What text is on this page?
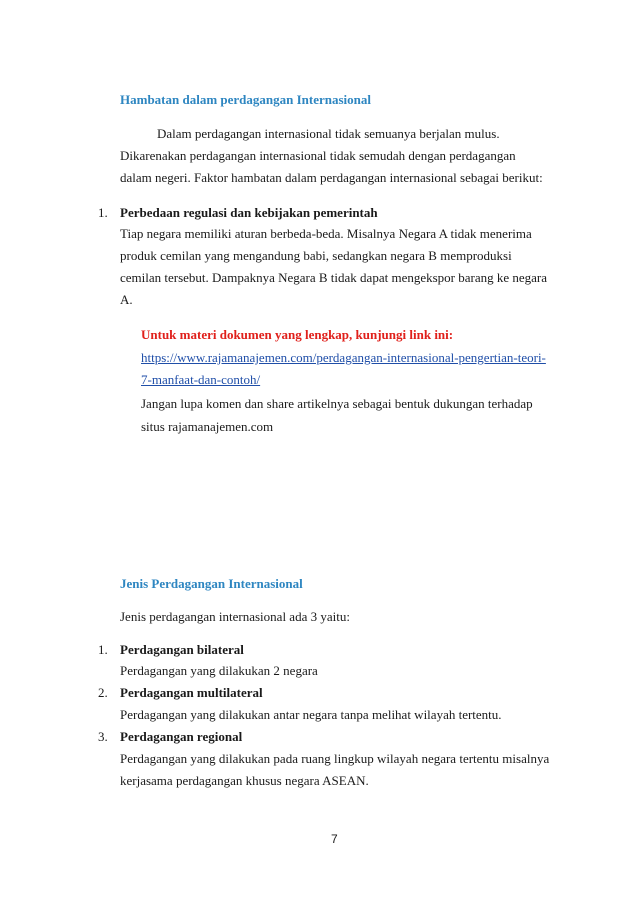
Hambatan dalam perdagangan Internasional
Dalam perdagangan internasional tidak semuanya berjalan mulus.
Dikarenakan perdagangan internasional tidak semudah dengan perdagangan
dalam negeri. Faktor hambatan dalam perdagangan internasional sebagai berikut:
1. Perbedaan regulasi dan kebijakan pemerintah
Tiap negara memiliki aturan berbeda-beda. Misalnya Negara A tidak menerima
produk cemilan yang mengandung babi, sedangkan negara B memproduksi
cemilan tersebut. Dampaknya Negara B tidak dapat mengekspor barang ke negara
A.
Untuk materi dokumen yang lengkap, kunjungi link ini:
https://www.rajamanajemen.com/perdagangan-internasional-pengertian-teori-
7-manfaat-dan-contoh/
Jangan lupa komen dan share artikelnya sebagai bentuk dukungan terhadap
situs rajamanajemen.com
Jenis Perdagangan Internasional
Jenis perdagangan internasional ada 3 yaitu:
1. Perdagangan bilateral
Perdagangan yang dilakukan 2 negara
2. Perdagangan multilateral
Perdagangan yang dilakukan antar negara tanpa melihat wilayah tertentu.
3. Perdagangan regional
Perdagangan yang dilakukan pada ruang lingkup wilayah negara tertentu misalnya
kerjasama perdagangan khusus negara ASEAN.
7
